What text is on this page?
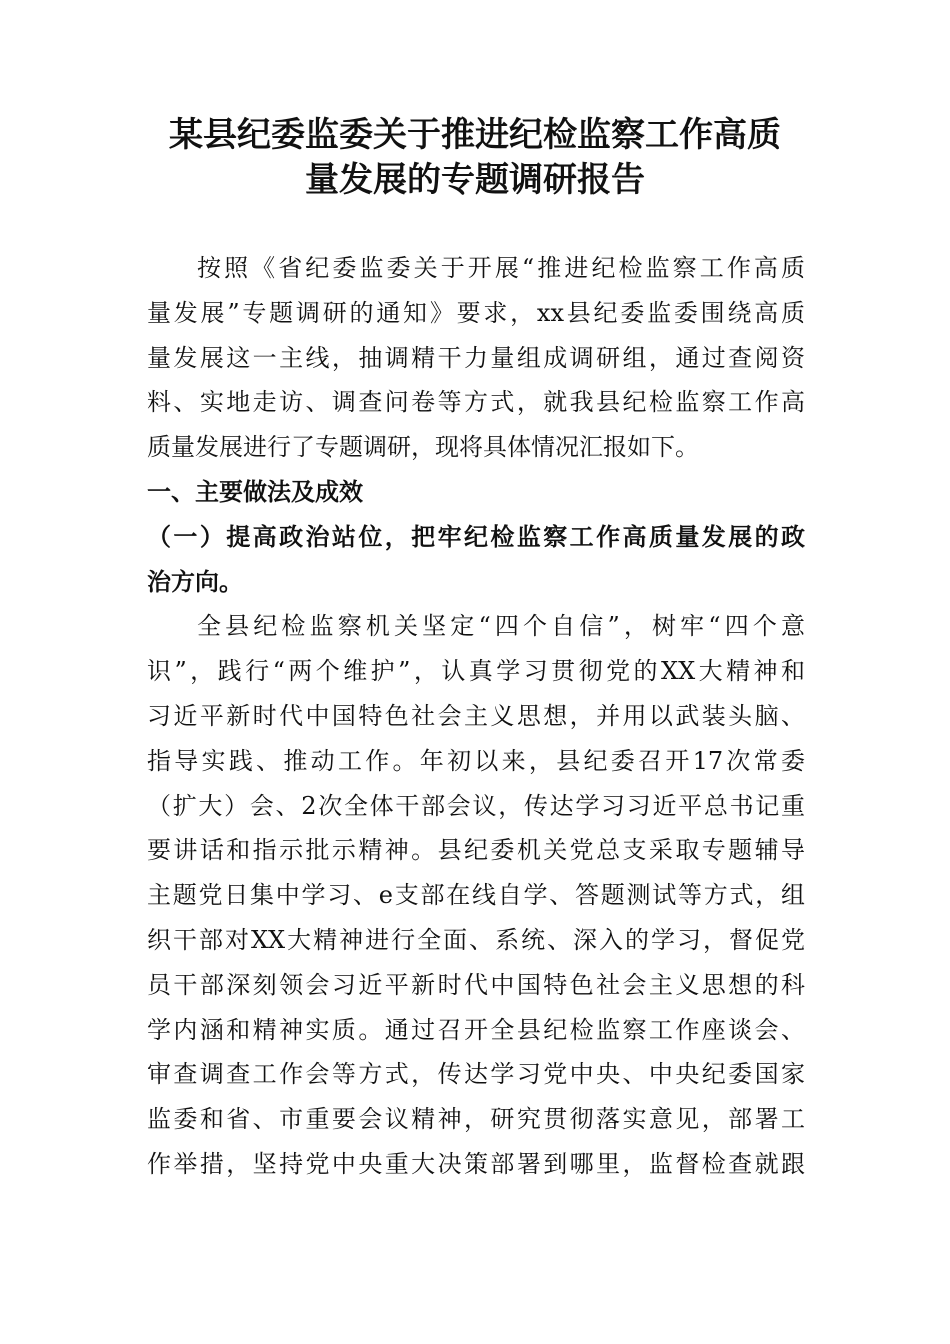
某县纪委监委关于推进纪检监察工作高质
量发展的专题调研报告
按照《省纪委监委关于开展“推进纪检监察工作高质
量发展”专题调研的通知》要求，xx县纪委监委围绕高质
量发展这一主线，抽调精干力量组成调研组，通过查阅资
料、实地走访、调查问卷等方式，就我县纪检监察工作高
质量发展进行了专题调研，现将具体情况汇报如下。
一、主要做法及成效
（一）提高政治站位，把牢纪检监察工作高质量发展的政
治方向。
全县纪检监察机关坚定“四个自信”，树牢“四个意
识”，践行“两个维护”，认真学习贯彻党的XX大精神和
习近平新时代中国特色社会主义思想，并用以武装头脑、
指导实践、推动工作。年初以来，县纪委召开17次常委
（扩大）会、2次全体干部会议，传达学习习近平总书记重
要讲话和指示批示精神。县纪委机关党总支采取专题辅导
主题党日集中学习、e支部在线自学、答题测试等方式，组
织干部对XX大精神进行全面、系统、深入的学习，督促党
员干部深刻领会习近平新时代中国特色社会主义思想的科
学内涵和精神实质。通过召开全县纪检监察工作座谈会、
审查调查工作会等方式，传达学习党中央、中央纪委国家
监委和省、市重要会议精神，研究贯彻落实意见，部署工
作举措，坚持党中央重大决策部署到哪里，监督检查就跟
